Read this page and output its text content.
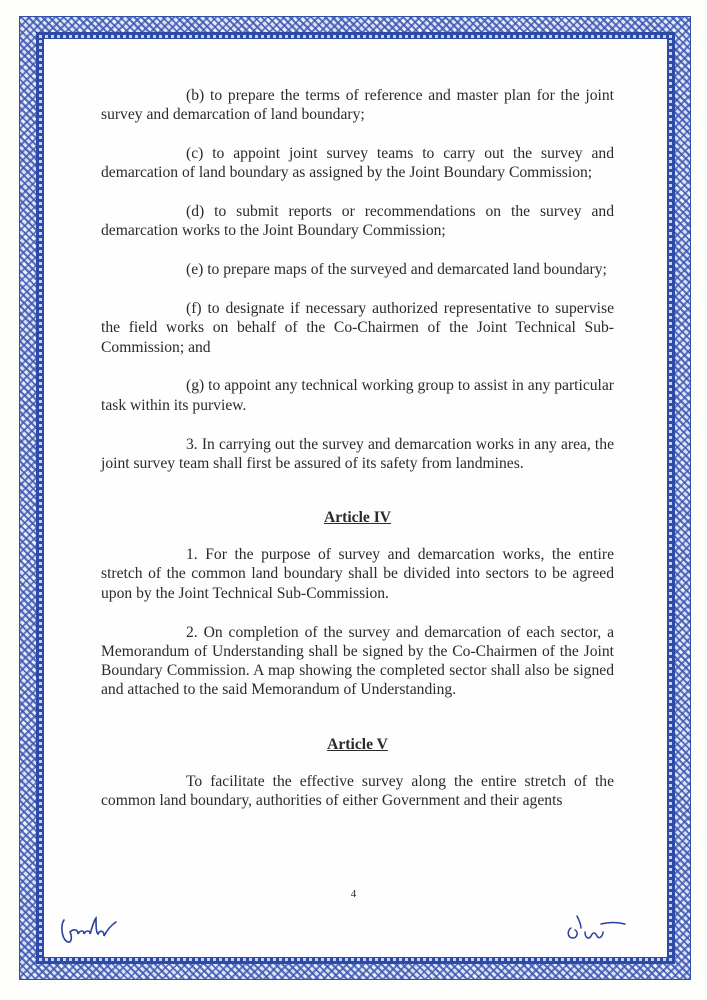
(b) to prepare the terms of reference and master plan for the joint survey and demarcation of land boundary;

(c) to appoint joint survey teams to carry out the survey and demarcation of land boundary as assigned by the Joint Boundary Commission;

(d) to submit reports or recommendations on the survey and demarcation works to the Joint Boundary Commission;

(e) to prepare maps of the surveyed and demarcated land boundary;

(f) to designate if necessary authorized representative to supervise the field works on behalf of the Co-Chairmen of the Joint Technical Sub-Commission; and

(g) to appoint any technical working group to assist in any particular task within its purview.

3. In carrying out the survey and demarcation works in any area, the joint survey team shall first be assured of its safety from landmines.

Article IV

1. For the purpose of survey and demarcation works, the entire stretch of the common land boundary shall be divided into sectors to be agreed upon by the Joint Technical Sub-Commission.

2. On completion of the survey and demarcation of each sector, a Memorandum of Understanding shall be signed by the Co-Chairmen of the Joint Boundary Commission. A map showing the completed sector shall also be signed and attached to the said Memorandum of Understanding.

Article V

To facilitate the effective survey along the entire stretch of the common land boundary, authorities of either Government and their agents

4
